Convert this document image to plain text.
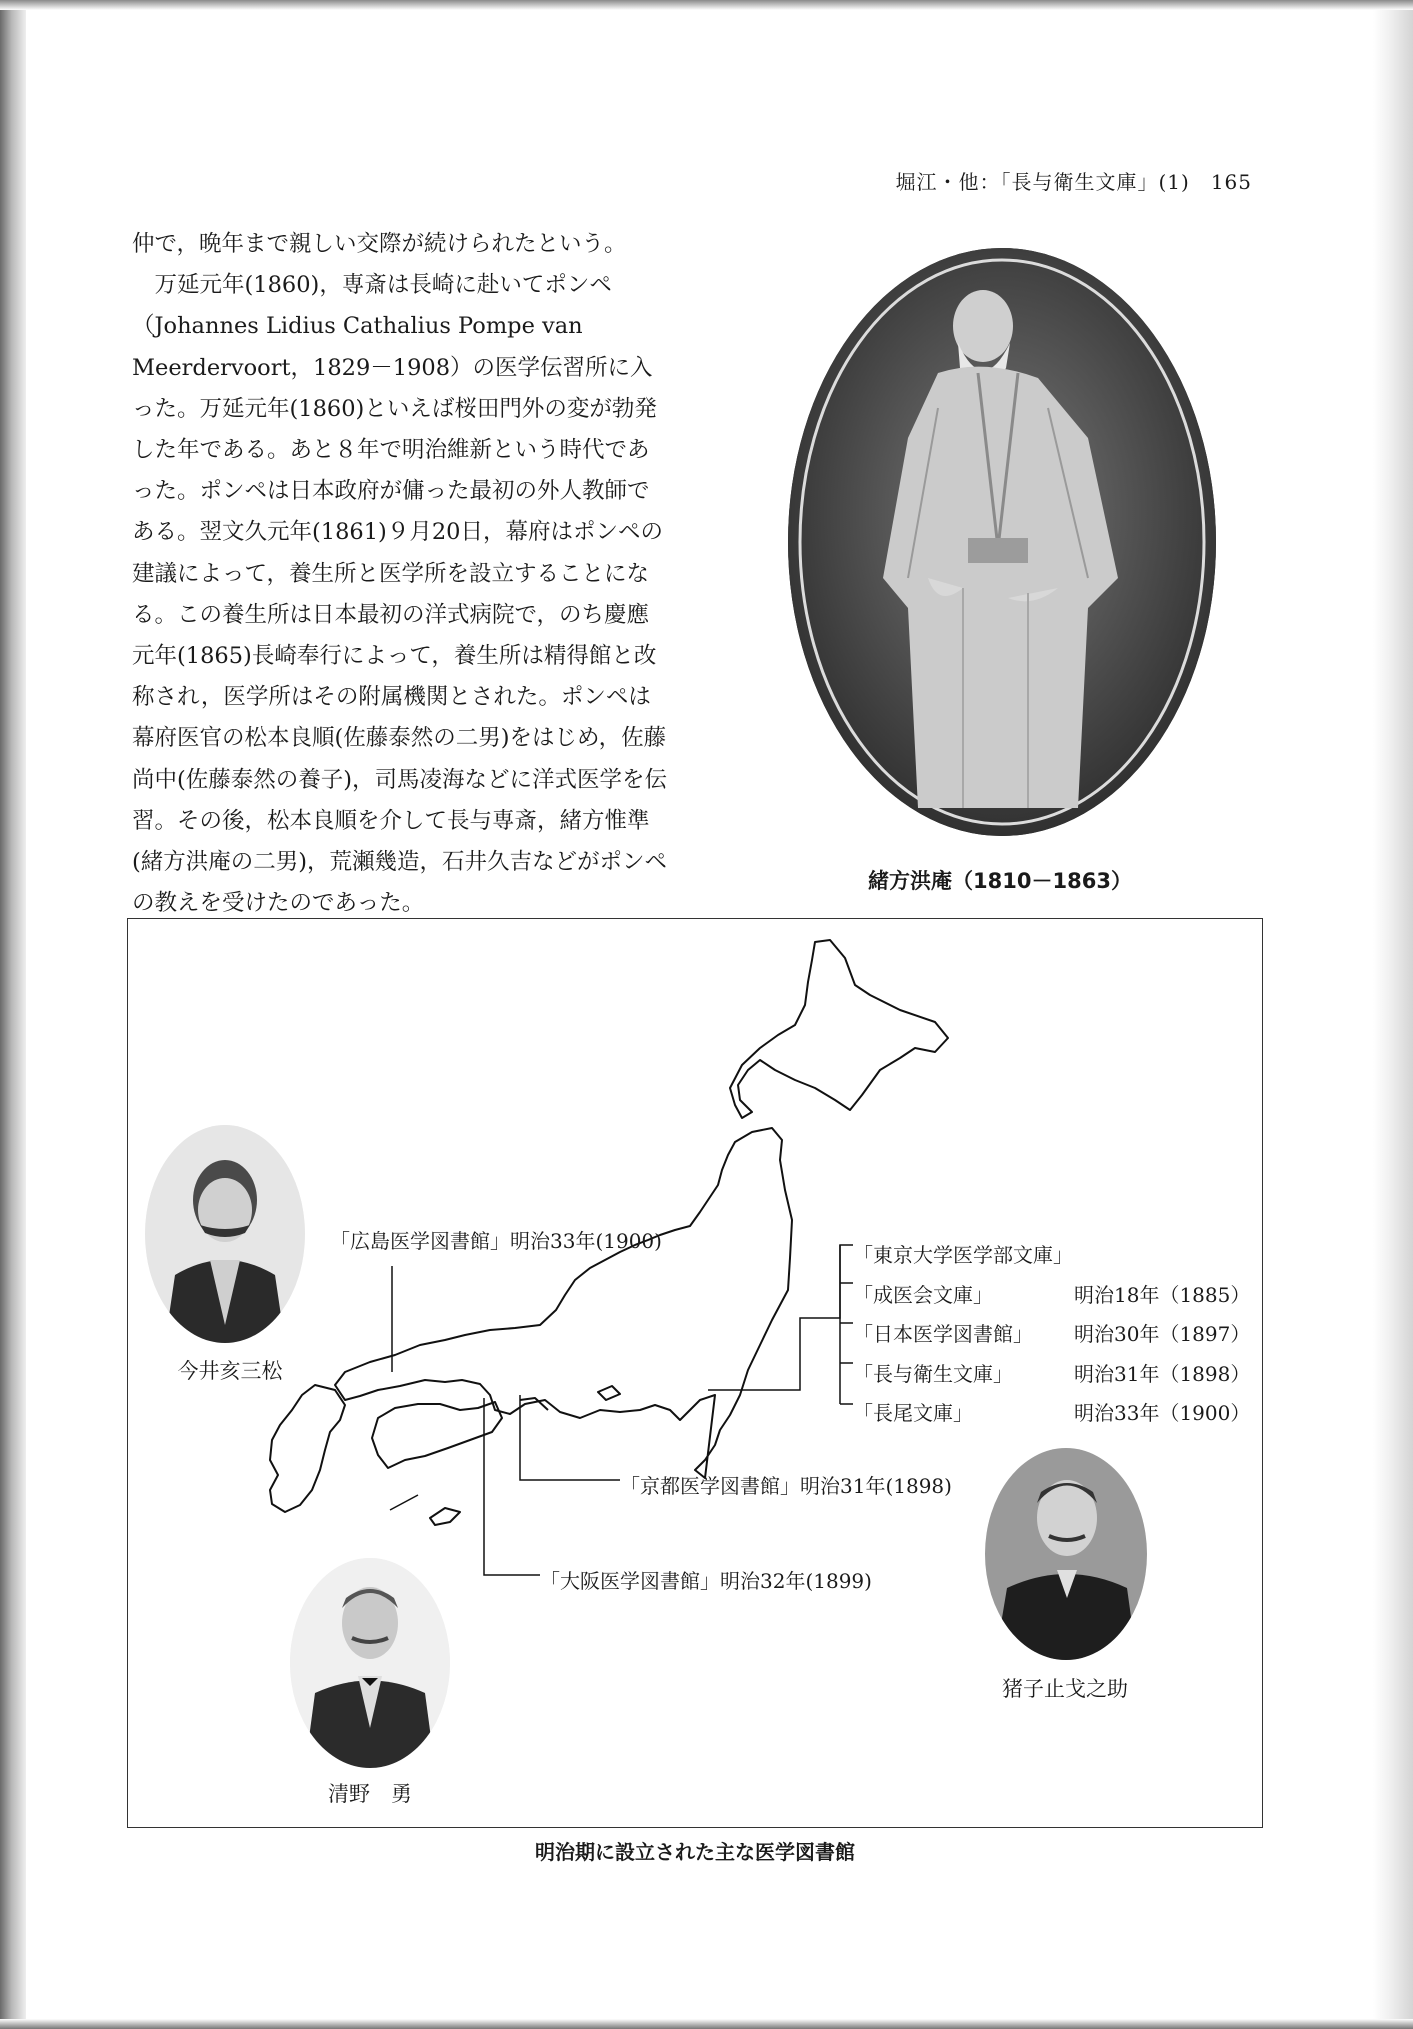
堀江・他：「長与衛生文庫」(1)　165

仲で，晩年まで親しい交際が続けられたという。

万延元年(1860)，専斎は長崎に赴いてポンペ（Johannes Lidius Cathalius Pompe van Meerdervoort，1829－1908）の医学伝習所に入った。万延元年(1860)といえば桜田門外の変が勃発した年である。あと８年で明治維新という時代であった。ポンペは日本政府が傭った最初の外人教師である。翌文久元年(1861)９月20日，幕府はポンペの建議によって，養生所と医学所を設立することになる。この養生所は日本最初の洋式病院で，のち慶應元年(1865)長崎奉行によって，養生所は精得館と改称され，医学所はその附属機関とされた。ポンペは幕府医官の松本良順(佐藤泰然の二男)をはじめ，佐藤尚中(佐藤泰然の養子)，司馬凌海などに洋式医学を伝習。その後，松本良順を介して長与専斎，緒方惟準(緒方洪庵の二男)，荒瀬幾造，石井久吉などがポンペの教えを受けたのであった。

緒方洪庵（1810－1863）
「広島医学図書館」明治33年(1900)
「京都医学図書館」明治31年(1898)
「大阪医学図書館」明治32年(1899)
「東京大学医学部文庫」
「成医会文庫」	明治18年（1885）
「日本医学図書館」 明治30年（1897）
「長与衛生文庫」	明治31年（1898）
「長尾文庫」	明治33年（1900）
今井亥三松
清野　勇
猪子止戈之助
明治期に設立された主な医学図書館
